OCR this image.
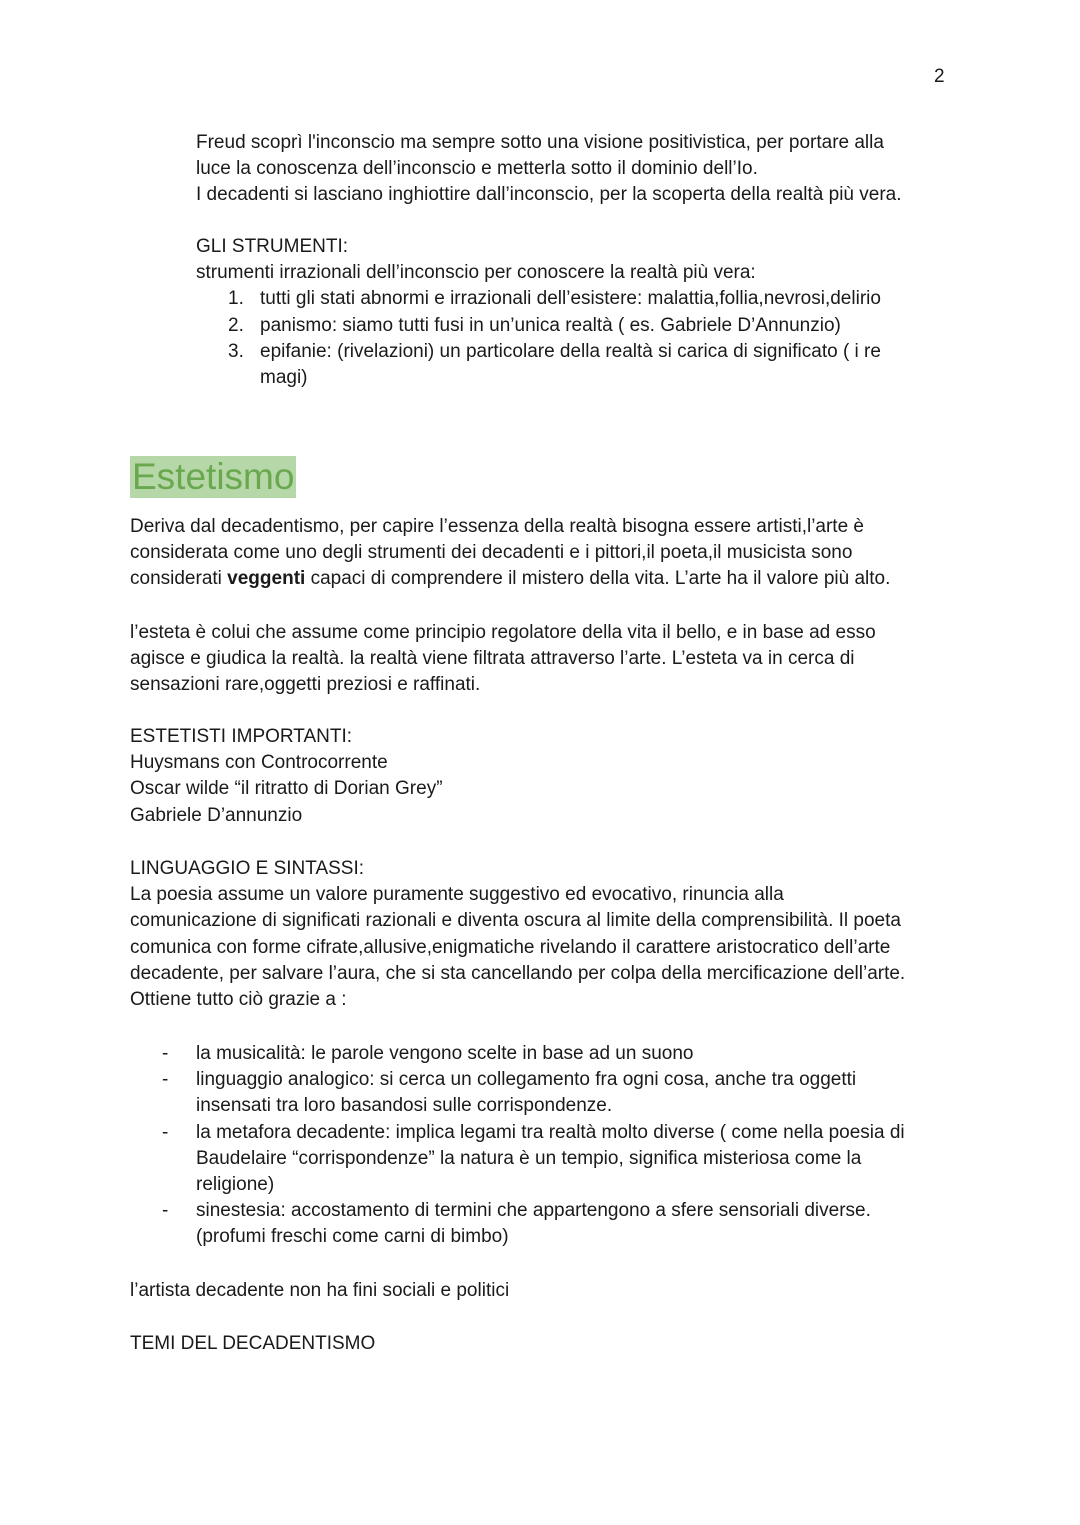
2

Freud scoprì l'inconscio ma sempre sotto una visione positivistica, per portare alla

luce la conoscenza dell’inconscio e metterla sotto il dominio dell’Io.

I decadenti si lasciano inghiottire dall’inconscio, per la scoperta della realtà più vera.

GLI STRUMENTI:

strumenti irrazionali dell’inconscio per conoscere la realtà più vera:

1. tutti gli stati abnormi e irrazionali dell’esistere: malattia,follia,nevrosi,delirio
2. panismo: siamo tutti fusi in un’unica realtà ( es. Gabriele D’Annunzio)
3. epifanie: (rivelazioni) un particolare della realtà si carica di significato ( i re
magi)
Estetismo

Deriva dal decadentismo, per capire l’essenza della realtà bisogna essere artisti,l’arte è

considerata come uno degli strumenti dei decadenti e i pittori,il poeta,il musicista sono

considerati veggenti capaci di comprendere il mistero della vita. L’arte ha il valore più alto.

l’esteta è colui che assume come principio regolatore della vita il bello, e in base ad esso

agisce e giudica la realtà. la realtà viene filtrata attraverso l’arte. L’esteta va in cerca di

sensazioni rare,oggetti preziosi e raffinati.

ESTETISTI IMPORTANTI:

Huysmans con Controcorrente

Oscar wilde “il ritratto di Dorian Grey”

Gabriele D’annunzio

LINGUAGGIO E SINTASSI:

La poesia assume un valore puramente suggestivo ed evocativo, rinuncia alla

comunicazione di significati razionali e diventa oscura al limite della comprensibilità. Il poeta

comunica con forme cifrate,allusive,enigmatiche rivelando il carattere aristocratico dell’arte

decadente, per salvare l’aura, che si sta cancellando per colpa della mercificazione dell’arte.

Ottiene tutto ciò grazie a :

- la musicalità: le parole vengono scelte in base ad un suono
- linguaggio analogico: si cerca un collegamento fra ogni cosa, anche tra oggetti
insensati tra loro basandosi sulle corrispondenze.
- la metafora decadente: implica legami tra realtà molto diverse ( come nella poesia di
Baudelaire “corrispondenze” la natura è un tempio, significa misteriosa come la
religione)
- sinestesia: accostamento di termini che appartengono a sfere sensoriali diverse.
(profumi freschi come carni di bimbo)
l’artista decadente non ha fini sociali e politici
TEMI DEL DECADENTISMO
